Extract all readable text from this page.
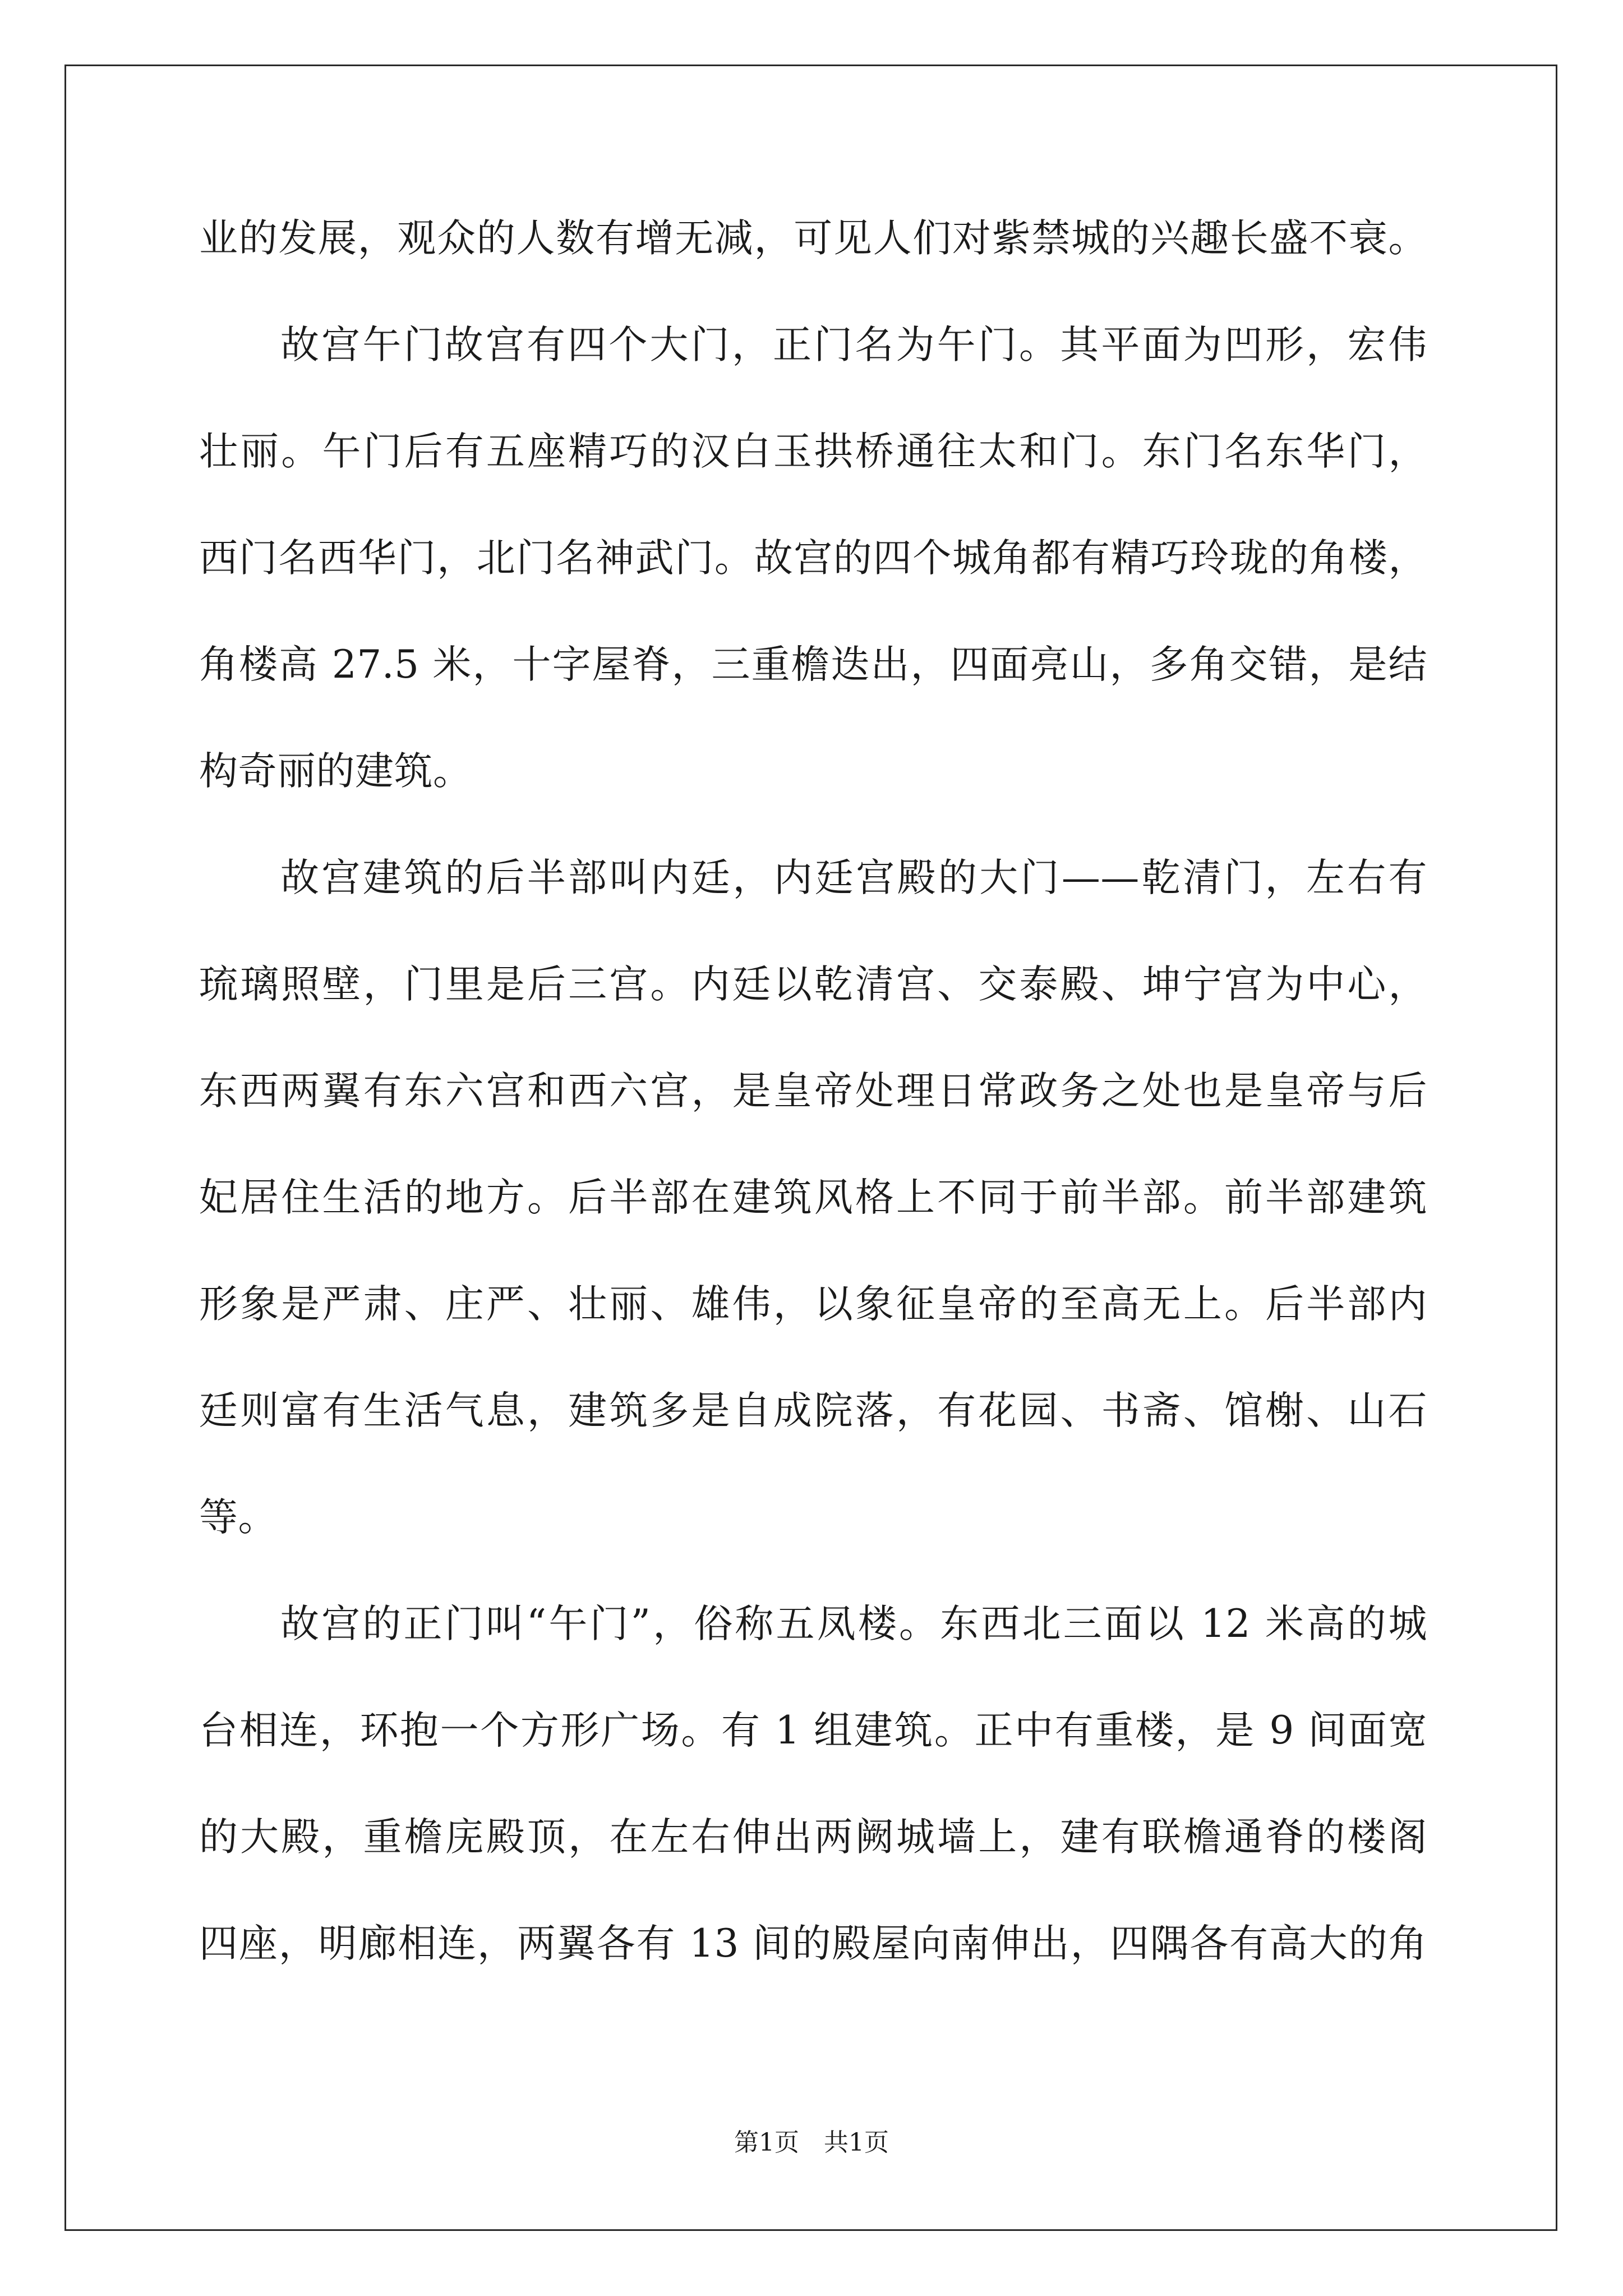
业的发展，观众的人数有增无减，可见人们对紫禁城的兴趣长盛不衰。
故宫午门故宫有四个大门，正门名为午门。其平面为凹形，宏伟
壮丽。午门后有五座精巧的汉白玉拱桥通往太和门。东门名东华门，
西门名西华门，北门名神武门。故宫的四个城角都有精巧玲珑的角楼，
角楼高 27.5 米，十字屋脊，三重檐迭出，四面亮山，多角交错，是结
构奇丽的建筑。
故宫建筑的后半部叫内廷，内廷宫殿的大门——乾清门，左右有
琉璃照壁，门里是后三宫。内廷以乾清宫、交泰殿、坤宁宫为中心，
东西两翼有东六宫和西六宫，是皇帝处理日常政务之处也是皇帝与后
妃居住生活的地方。后半部在建筑风格上不同于前半部。前半部建筑
形象是严肃、庄严、壮丽、雄伟，以象征皇帝的至高无上。后半部内
廷则富有生活气息，建筑多是自成院落，有花园、书斋、馆榭、山石
等。
故宫的正门叫“午门”，俗称五凤楼。东西北三面以 12 米高的城
台相连，环抱一个方形广场。有 1 组建筑。正中有重楼，是 9 间面宽
的大殿，重檐庑殿顶，在左右伸出两阙城墙上，建有联檐通脊的楼阁
四座，明廊相连，两翼各有 13 间的殿屋向南伸出，四隅各有高大的角
第1页　共1页
